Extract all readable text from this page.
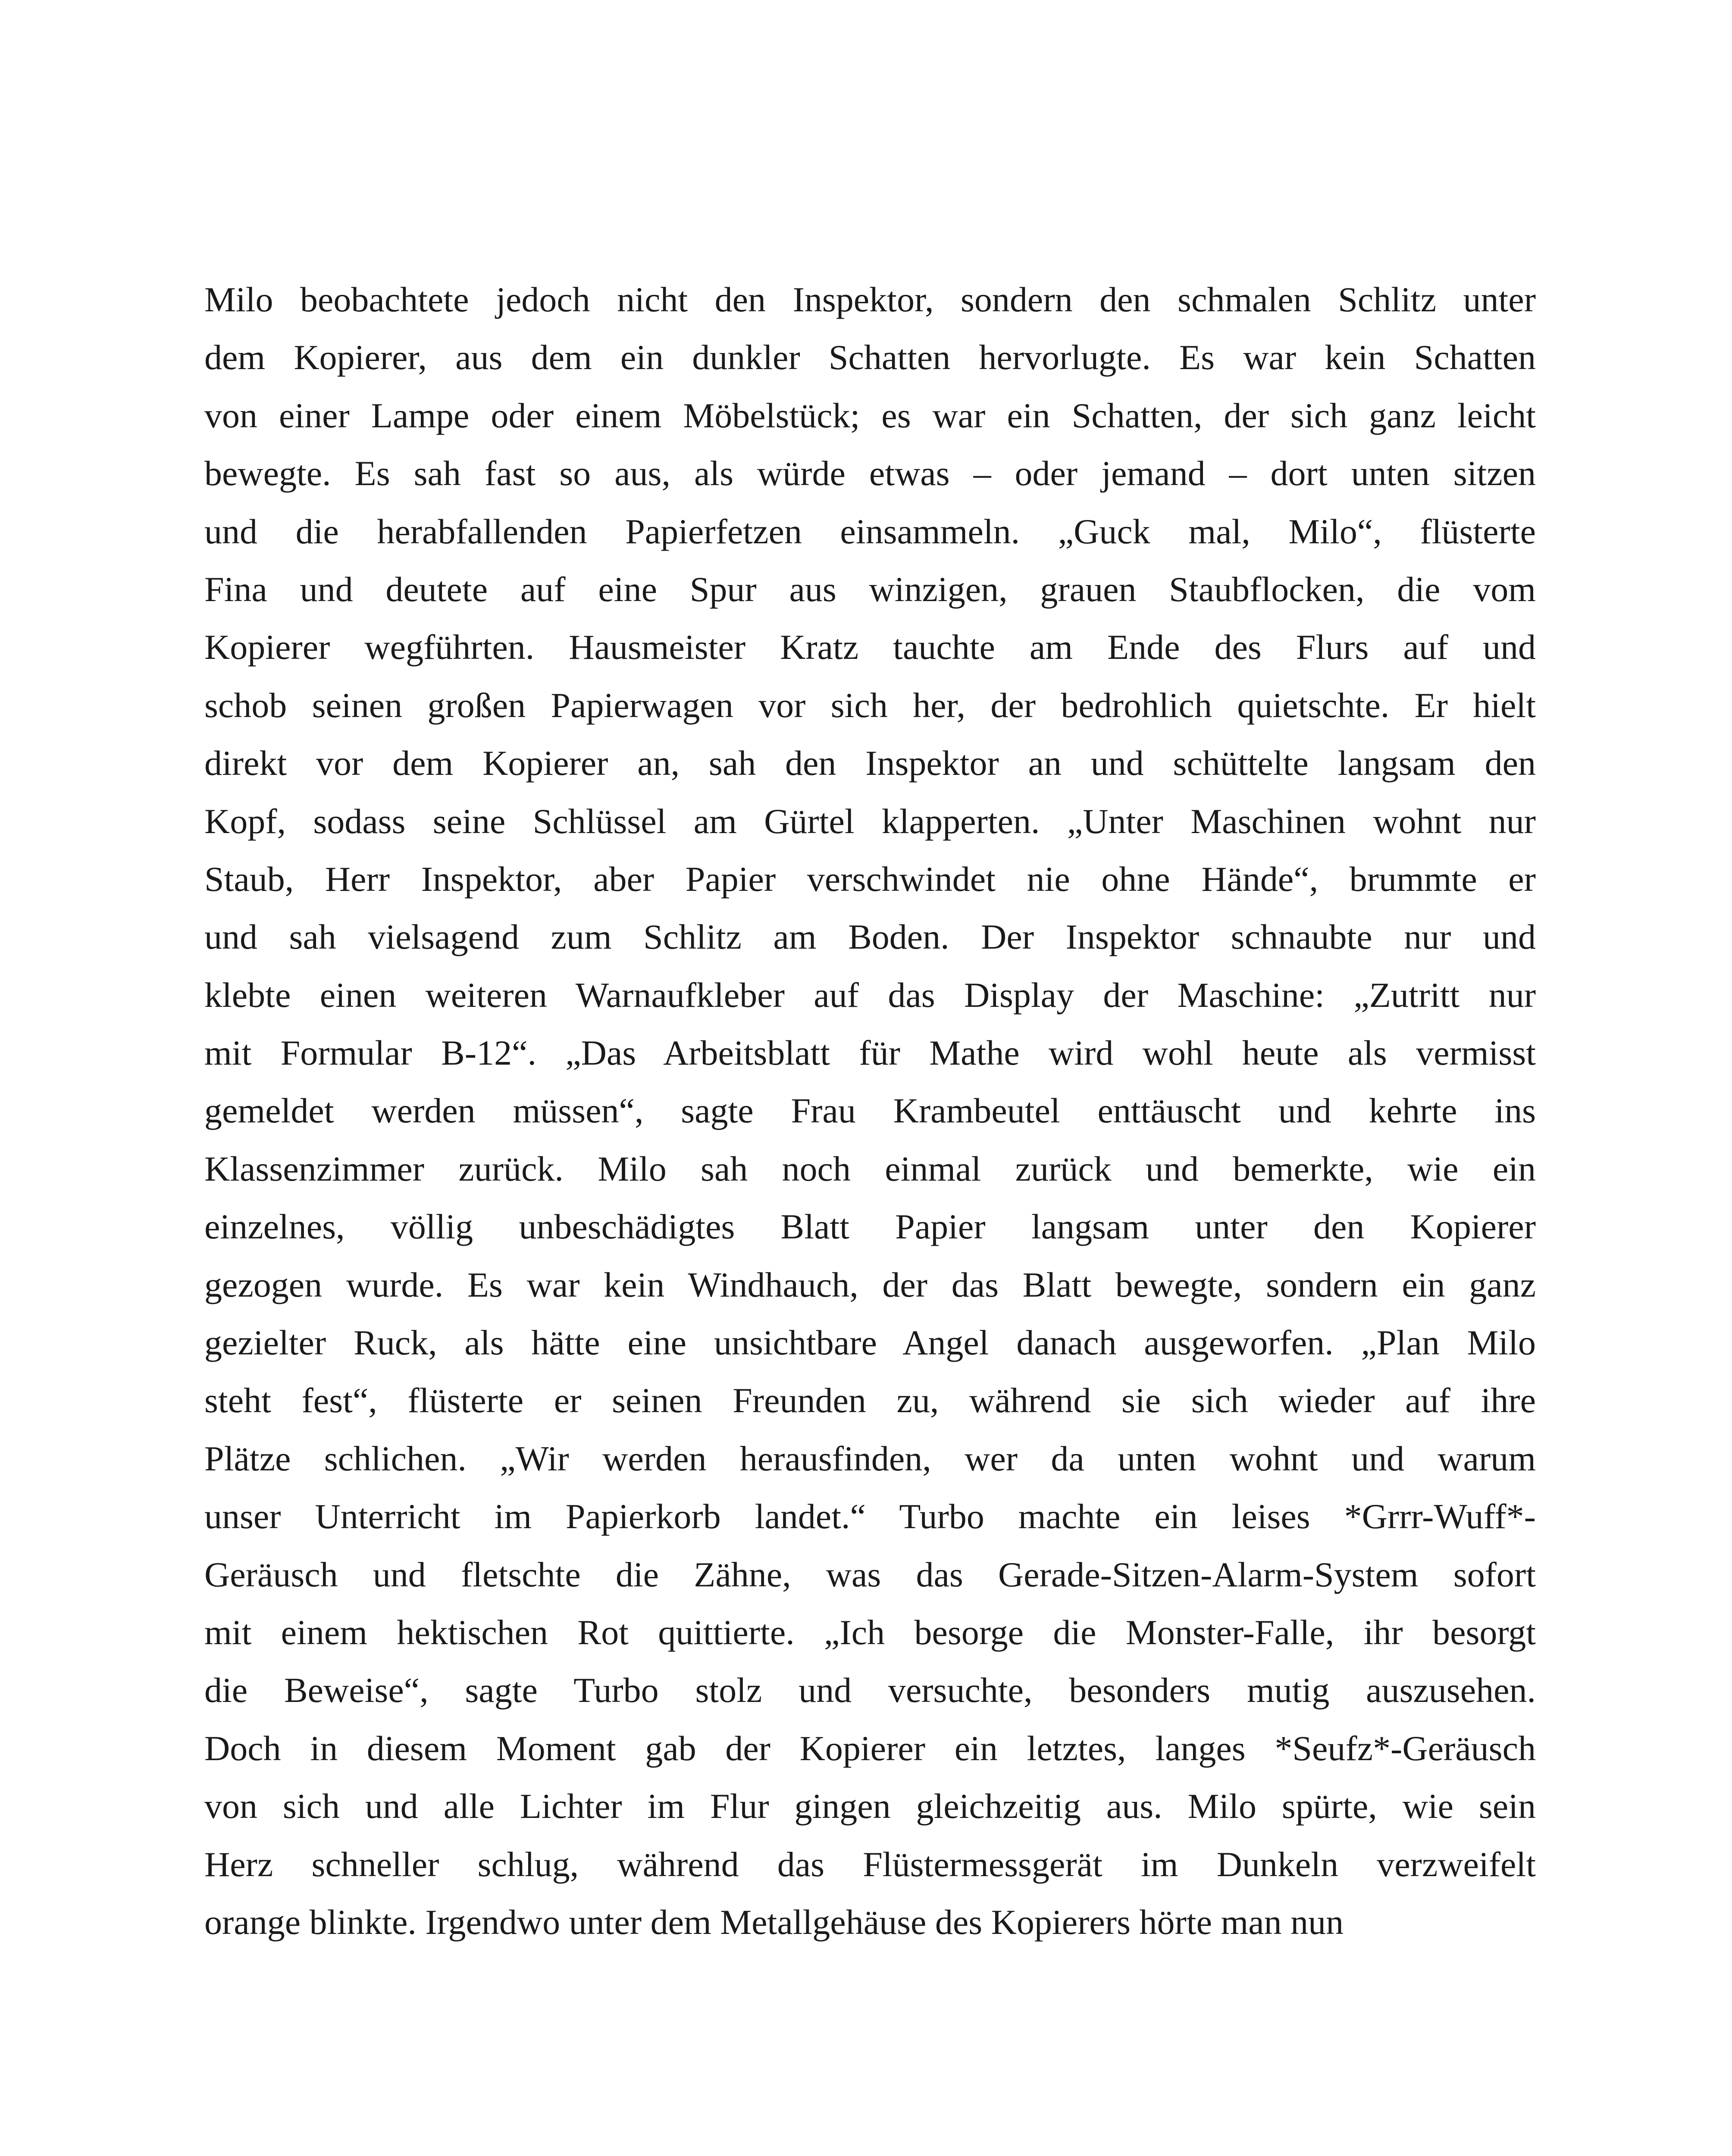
Milo beobachtete jedoch nicht den Inspektor, sondern den schmalen Schlitz unter
dem Kopierer, aus dem ein dunkler Schatten hervorlugte. Es war kein Schatten
von einer Lampe oder einem Möbelstück; es war ein Schatten, der sich ganz leicht
bewegte. Es sah fast so aus, als würde etwas – oder jemand – dort unten sitzen
und die herabfallenden Papierfetzen einsammeln. „Guck mal, Milo“, flüsterte
Fina und deutete auf eine Spur aus winzigen, grauen Staubflocken, die vom
Kopierer wegführten. Hausmeister Kratz tauchte am Ende des Flurs auf und
schob seinen großen Papierwagen vor sich her, der bedrohlich quietschte. Er hielt
direkt vor dem Kopierer an, sah den Inspektor an und schüttelte langsam den
Kopf, sodass seine Schlüssel am Gürtel klapperten. „Unter Maschinen wohnt nur
Staub, Herr Inspektor, aber Papier verschwindet nie ohne Hände“, brummte er
und sah vielsagend zum Schlitz am Boden. Der Inspektor schnaubte nur und
klebte einen weiteren Warnaufkleber auf das Display der Maschine: „Zutritt nur
mit Formular B-12“. „Das Arbeitsblatt für Mathe wird wohl heute als vermisst
gemeldet werden müssen“, sagte Frau Krambeutel enttäuscht und kehrte ins
Klassenzimmer zurück. Milo sah noch einmal zurück und bemerkte, wie ein
einzelnes, völlig unbeschädigtes Blatt Papier langsam unter den Kopierer
gezogen wurde. Es war kein Windhauch, der das Blatt bewegte, sondern ein ganz
gezielter Ruck, als hätte eine unsichtbare Angel danach ausgeworfen. „Plan Milo
steht fest“, flüsterte er seinen Freunden zu, während sie sich wieder auf ihre
Plätze schlichen. „Wir werden herausfinden, wer da unten wohnt und warum
unser Unterricht im Papierkorb landet.“ Turbo machte ein leises *Grrr-Wuff*-
Geräusch und fletschte die Zähne, was das Gerade-Sitzen-Alarm-System sofort
mit einem hektischen Rot quittierte. „Ich besorge die Monster-Falle, ihr besorgt
die Beweise“, sagte Turbo stolz und versuchte, besonders mutig auszusehen.
Doch in diesem Moment gab der Kopierer ein letztes, langes *Seufz*-Geräusch
von sich und alle Lichter im Flur gingen gleichzeitig aus. Milo spürte, wie sein
Herz schneller schlug, während das Flüstermessgerät im Dunkeln verzweifelt
orange blinkte. Irgendwo unter dem Metallgehäuse des Kopierers hörte man nun
